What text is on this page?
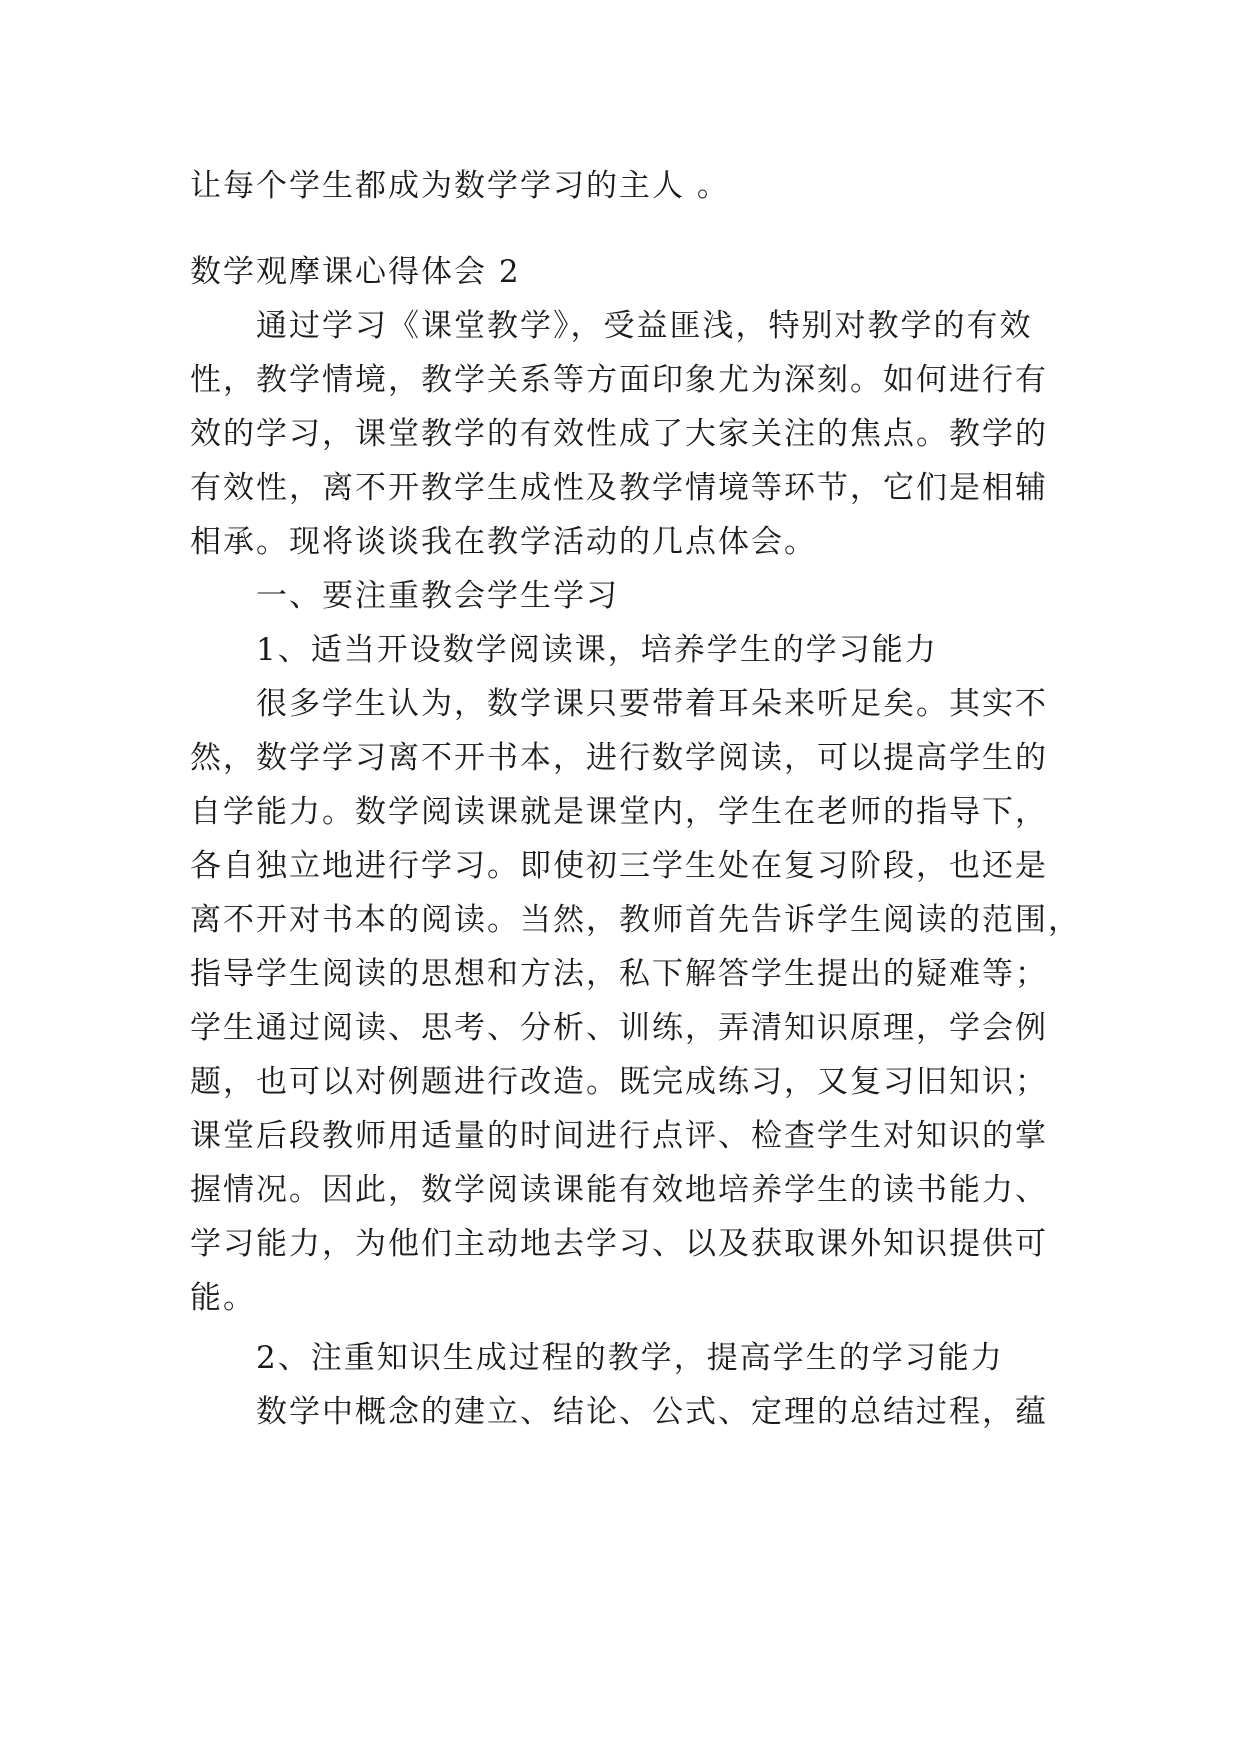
让每个学生都成为数学学习的主人 。
数学观摩课心得体会 2
通过学习《课堂教学》，受益匪浅，特别对教学的有效
性，教学情境，教学关系等方面印象尤为深刻。如何进行有
效的学习，课堂教学的有效性成了大家关注的焦点。教学的
有效性，离不开教学生成性及教学情境等环节，它们是相辅
相承。现将谈谈我在教学活动的几点体会。
一、要注重教会学生学习
1、适当开设数学阅读课，培养学生的学习能力
很多学生认为，数学课只要带着耳朵来听足矣。其实不
然，数学学习离不开书本，进行数学阅读，可以提高学生的
自学能力。数学阅读课就是课堂内，学生在老师的指导下，
各自独立地进行学习。即使初三学生处在复习阶段，也还是
离不开对书本的阅读。当然，教师首先告诉学生阅读的范围，
指导学生阅读的思想和方法，私下解答学生提出的疑难等；
学生通过阅读、思考、分析、训练，弄清知识原理，学会例
题，也可以对例题进行改造。既完成练习，又复习旧知识；
课堂后段教师用适量的时间进行点评、检查学生对知识的掌
握情况。因此，数学阅读课能有效地培养学生的读书能力、
学习能力，为他们主动地去学习、以及获取课外知识提供可
能。
2、注重知识生成过程的教学，提高学生的学习能力
数学中概念的建立、结论、公式、定理的总结过程，蕴
